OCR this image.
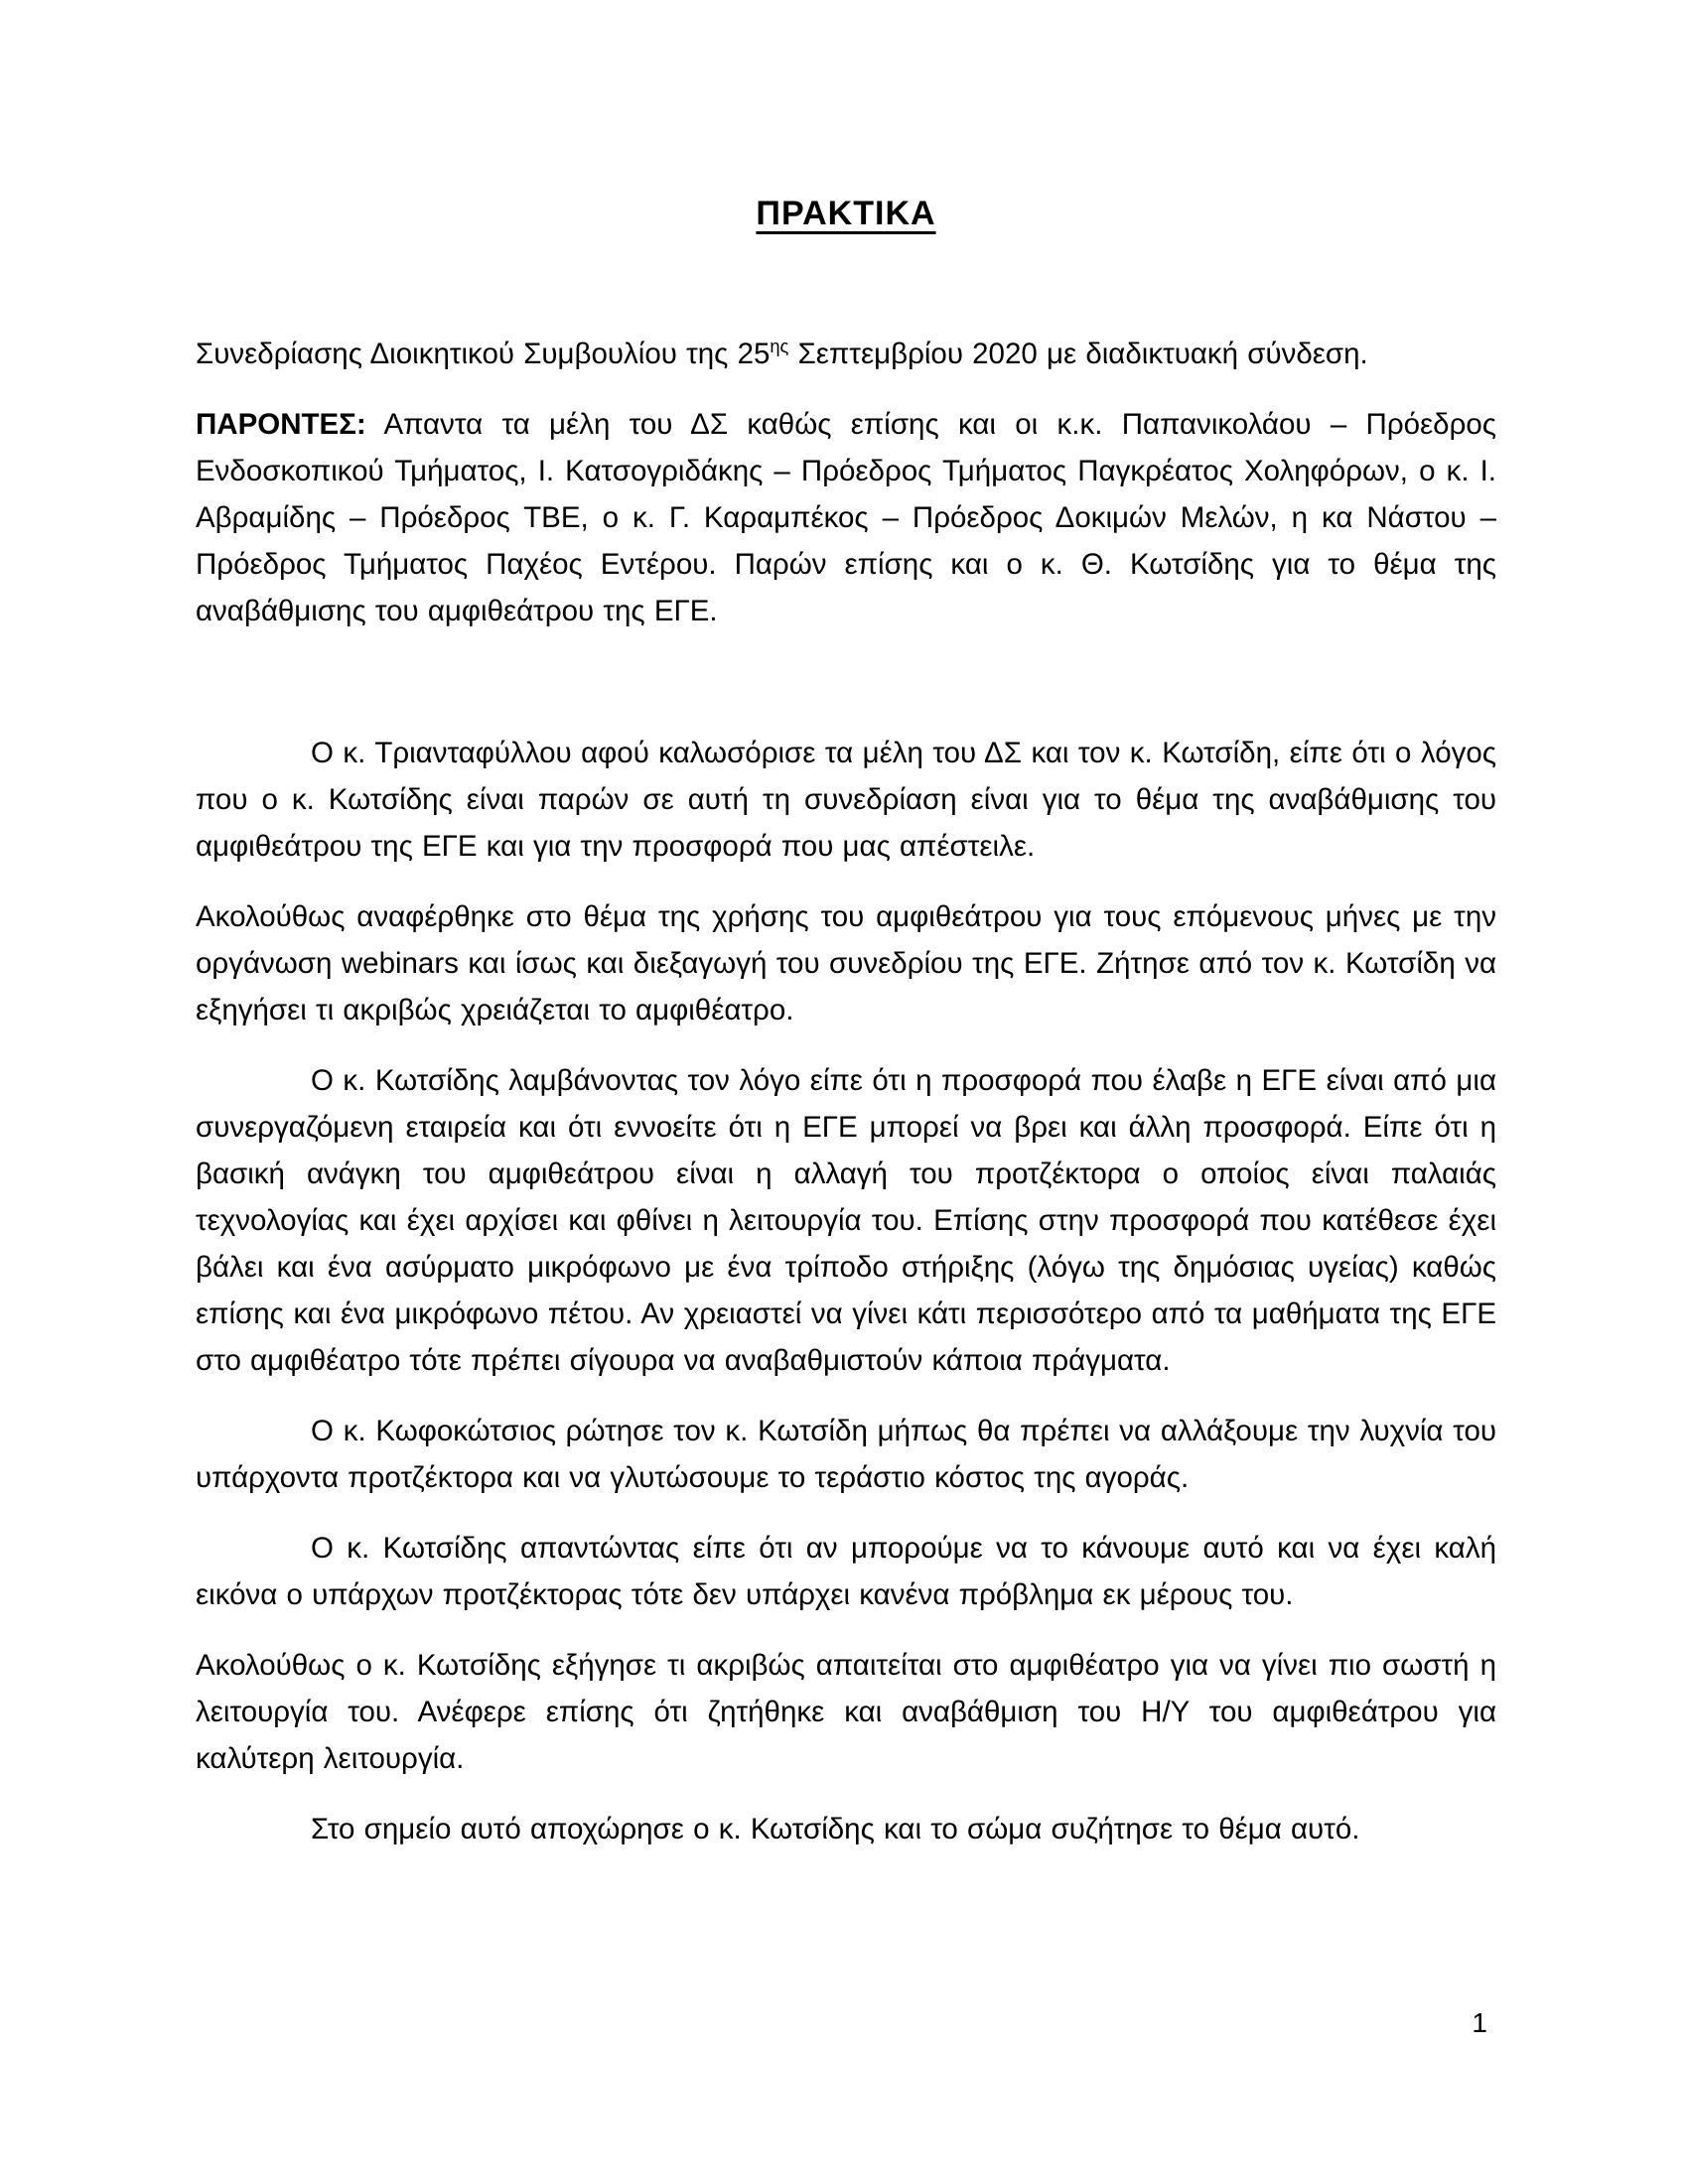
ΠΡΑΚΤΙΚΑ

Συνεδρίασης Διοικητικού Συμβουλίου της $25^{\eta\varsigma}$ Σεπτεμβρίου 2020 με διαδικτυακή σύνδεση.

ΠΑΡΟΝΤΕΣ: Απαντα τα μέλη του ΔΣ καθώς επίσης και οι κ.κ. Παπανικολάου – Πρόεδρος Ενδοσκοπικού Τμήματος, Ι. Κατσογριδάκης – Πρόεδρος Τμήματος Παγκρέατος Χοληφόρων, ο κ. Ι. Αβραμίδης – Πρόεδρος ΤΒΕ, ο κ. Γ. Καραμπέκος – Πρόεδρος Δοκιμών Μελών, η κα Νάστου – Πρόεδρος Τμήματος Παχέος Εντέρου. Παρών επίσης και ο κ. Θ. Κωτσίδης για το θέμα της αναβάθμισης του αμφιθεάτρου της ΕΓΕ.

Ο κ. Τριανταφύλλου αφού καλωσόρισε τα μέλη του ΔΣ και τον κ. Κωτσίδη, είπε ότι ο λόγος που ο κ. Κωτσίδης είναι παρών σε αυτή τη συνεδρίαση είναι για το θέμα της αναβάθμισης του αμφιθεάτρου της ΕΓΕ και για την προσφορά που μας απέστειλε.

Ακολούθως αναφέρθηκε στο θέμα της χρήσης του αμφιθεάτρου για τους επόμενους μήνες με την οργάνωση webinars και ίσως και διεξαγωγή του συνεδρίου της ΕΓΕ. Ζήτησε από τον κ. Κωτσίδη να εξηγήσει τι ακριβώς χρειάζεται το αμφιθέατρο.

Ο κ. Κωτσίδης λαμβάνοντας τον λόγο είπε ότι η προσφορά που έλαβε η ΕΓΕ είναι από μια συνεργαζόμενη εταιρεία και ότι εννοείτε ότι η ΕΓΕ μπορεί να βρει και άλλη προσφορά. Είπε ότι η βασική ανάγκη του αμφιθεάτρου είναι η αλλαγή του προτζέκτορα ο οποίος είναι παλαιάς τεχνολογίας και έχει αρχίσει και φθίνει η λειτουργία του. Επίσης στην προσφορά που κατέθεσε έχει βάλει και ένα ασύρματο μικρόφωνο με ένα τρίποδο στήριξης (λόγω της δημόσιας υγείας) καθώς επίσης και ένα μικρόφωνο πέτου. Αν χρειαστεί να γίνει κάτι περισσότερο από τα μαθήματα της ΕΓΕ στο αμφιθέατρο τότε πρέπει σίγουρα να αναβαθμιστούν κάποια πράγματα.

Ο κ. Κωφοκώτσιος ρώτησε τον κ. Κωτσίδη μήπως θα πρέπει να αλλάξουμε την λυχνία του υπάρχοντα προτζέκτορα και να γλυτώσουμε το τεράστιο κόστος της αγοράς.

Ο κ. Κωτσίδης απαντώντας είπε ότι αν μπορούμε να το κάνουμε αυτό και να έχει καλή εικόνα ο υπάρχων προτζέκτορας τότε δεν υπάρχει κανένα πρόβλημα εκ μέρους του.

Ακολούθως ο κ. Κωτσίδης εξήγησε τι ακριβώς απαιτείται στο αμφιθέατρο για να γίνει πιο σωστή η λειτουργία του. Ανέφερε επίσης ότι ζητήθηκε και αναβάθμιση του Η/Υ του αμφιθεάτρου για καλύτερη λειτουργία.

Στο σημείο αυτό αποχώρησε ο κ. Κωτσίδης και το σώμα συζήτησε το θέμα αυτό.

1
